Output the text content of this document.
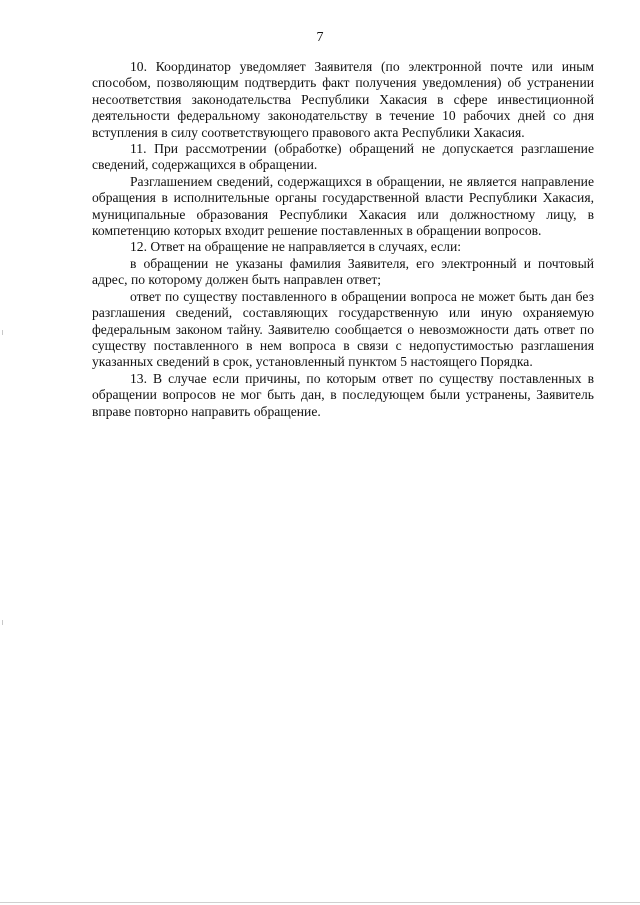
7

10. Координатор уведомляет Заявителя (по электронной почте или иным способом, позволяющим подтвердить факт получения уведомления) об устранении несоответствия законодательства Республики Хакасия в сфере инвестиционной деятельности федеральному законодательству в течение 10 рабочих дней со дня вступления в силу соответствующего правового акта Республики Хакасия.

11. При рассмотрении (обработке) обращений не допускается разглашение сведений, содержащихся в обращении.

Разглашением сведений, содержащихся в обращении, не является направление обращения в исполнительные органы государственной власти Республики Хакасия, муниципальные образования Республики Хакасия или должностному лицу, в компетенцию которых входит решение поставленных в обращении вопросов.

12. Ответ на обращение не направляется в случаях, если:

в обращении не указаны фамилия Заявителя, его электронный и почтовый адрес, по которому должен быть направлен ответ;

ответ по существу поставленного в обращении вопроса не может быть дан без разглашения сведений, составляющих государственную или иную охраняемую федеральным законом тайну. Заявителю сообщается о невозможности дать ответ по существу поставленного в нем вопроса в связи с недопустимостью разглашения указанных сведений в срок, установленный пунктом 5 настоящего Порядка.

13. В случае если причины, по которым ответ по существу поставленных в обращении вопросов не мог быть дан, в последующем были устранены, Заявитель вправе повторно направить обращение.
